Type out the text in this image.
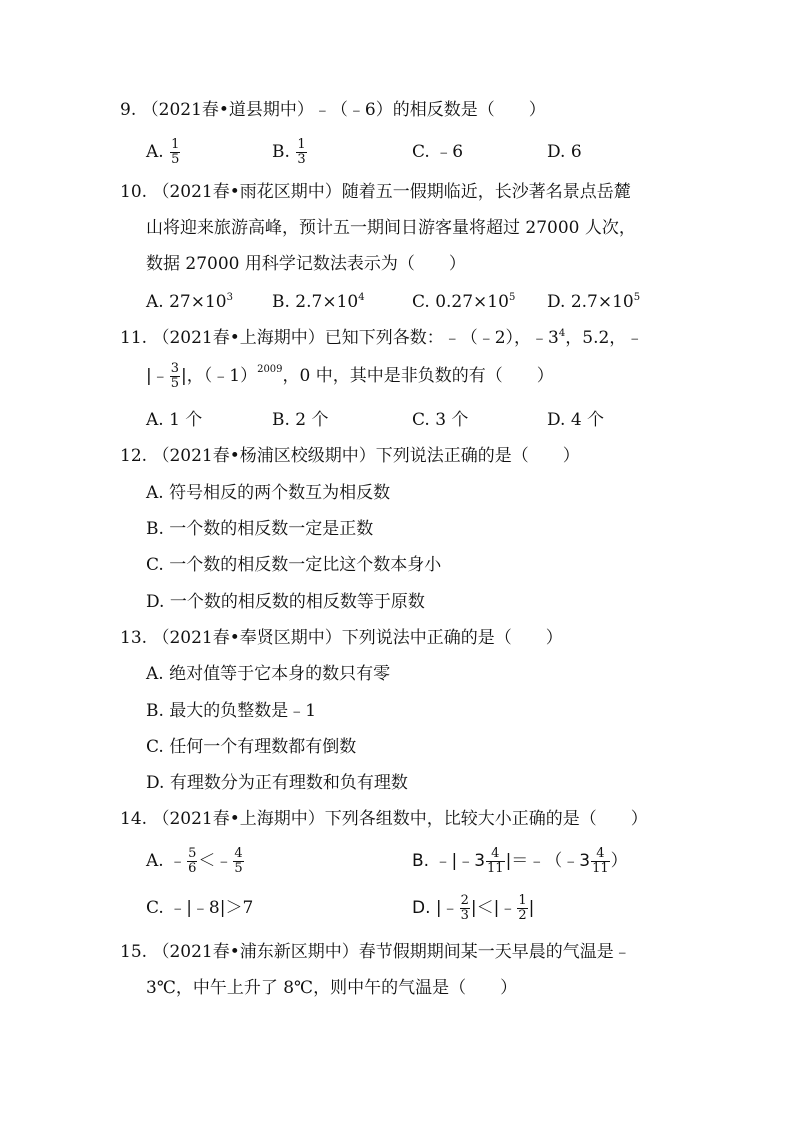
9. （2021春•道县期中）﹣（﹣6）的相反数是（　　）
A. $\frac{1}{5}$	B. $\frac{1}{3}$	C. ﹣6	D. 6
10. （2021春•雨花区期中）随着五一假期临近，长沙著名景点岳麓
山将迎来旅游高峰，预计五一期间日游客量将超过 27000 人次，
数据 27000 用科学记数法表示为（　　）
A. $27\times 10^3$ B. $2.7\times 10^4$	C. $0.27\times 10^5$ D. $2.7\times 10^5$
11. （2021春•上海期中）已知下列各数：﹣（﹣2），$﹣3^4$，5.2，﹣
|﹣ $\frac{3}{5}$ |，（﹣1）$^{2009}$，0 中，其中是非负数的有（　　）
A. 1 个	B. 2 个	C. 3 个	D. 4 个
12. （2021春•杨浦区校级期中）下列说法正确的是（　　）
A. 符号相反的两个数互为相反数
B. 一个数的相反数一定是正数
C. 一个数的相反数一定比这个数本身小
D. 一个数的相反数的相反数等于原数
13. （2021春•奉贤区期中）下列说法中正确的是（　　）
A. 绝对值等于它本身的数只有零
B. 最大的负整数是﹣1
C. 任何一个有理数都有倒数
D. 有理数分为正有理数和负有理数
14. （2021春•上海期中）下列各组数中，比较大小正确的是（　　）
A. ﹣ $\frac{5}{6}$ ＜﹣ $\frac{4}{5}$	B. ﹣|﹣3 $\frac{4}{11}$ |＝﹣（﹣3 $\frac{4}{11}$ ）
C. ﹣|﹣8|＞7	D. |﹣ $\frac{2}{3}$ |＜|﹣ $\frac{1}{2}$ |
15. （2021春•浦东新区期中）春节假期期间某一天早晨的气温是﹣
3℃，中午上升了 8℃，则中午的气温是（　　）
